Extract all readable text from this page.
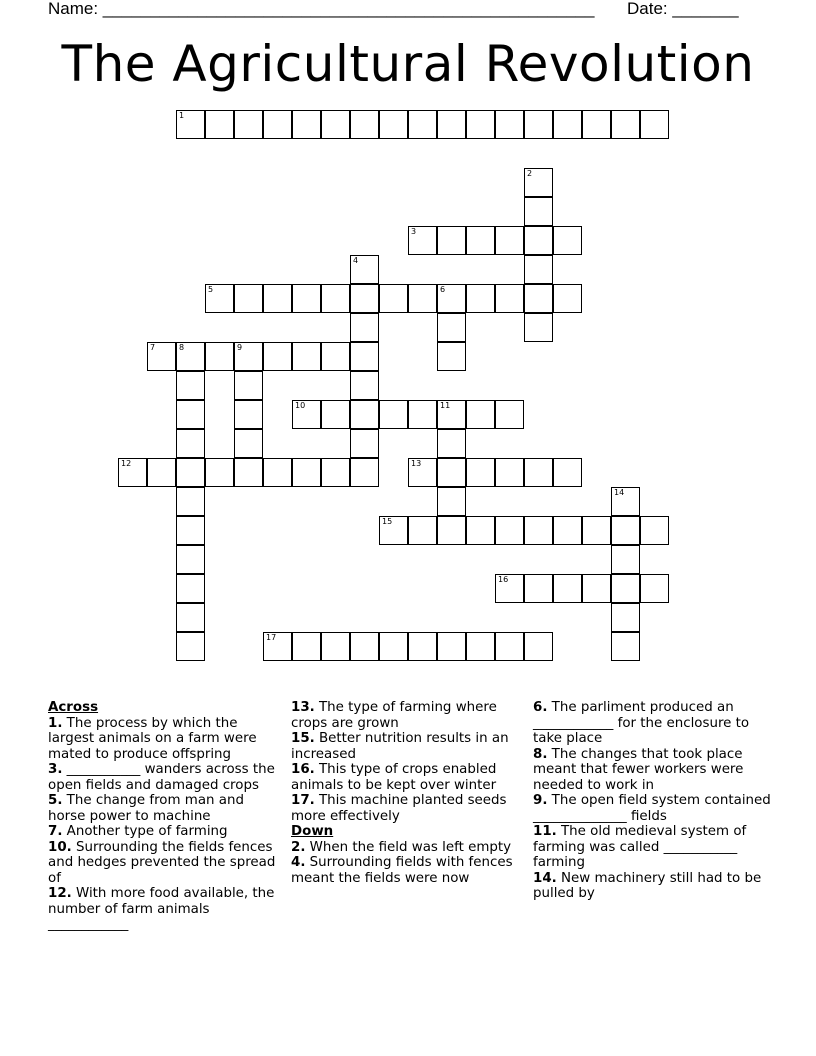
Name: ____________________________________________________ Date: _______
The Agricultural Revolution
1
2
3
4
5	6
7	8	9
10	11
12	13
14
15
16
17
Across
1. The process by which the largest animals on a farm were mated to produce offspring
3. ___________ wanders across the open fields and damaged crops
5. The change from man and horse power to machine
7. Another type of farming
10. Surrounding the fields fences and hedges prevented the spread of
12. With more food available, the number of farm animals ____________
13. The type of farming where crops are grown
15. Better nutrition results in an increased
16. This type of crops enabled animals to be kept over winter
17. This machine planted seeds more effectively
Down
2. When the field was left empty
4. Surrounding fields with fences meant the fields were now
6. The parliment produced an ____________ for the enclosure to take place
8. The changes that took place meant that fewer workers were needed to work in
9. The open field system contained ______________ fields
11. The old medieval system of farming was called ___________ farming
14. New machinery still had to be pulled by
